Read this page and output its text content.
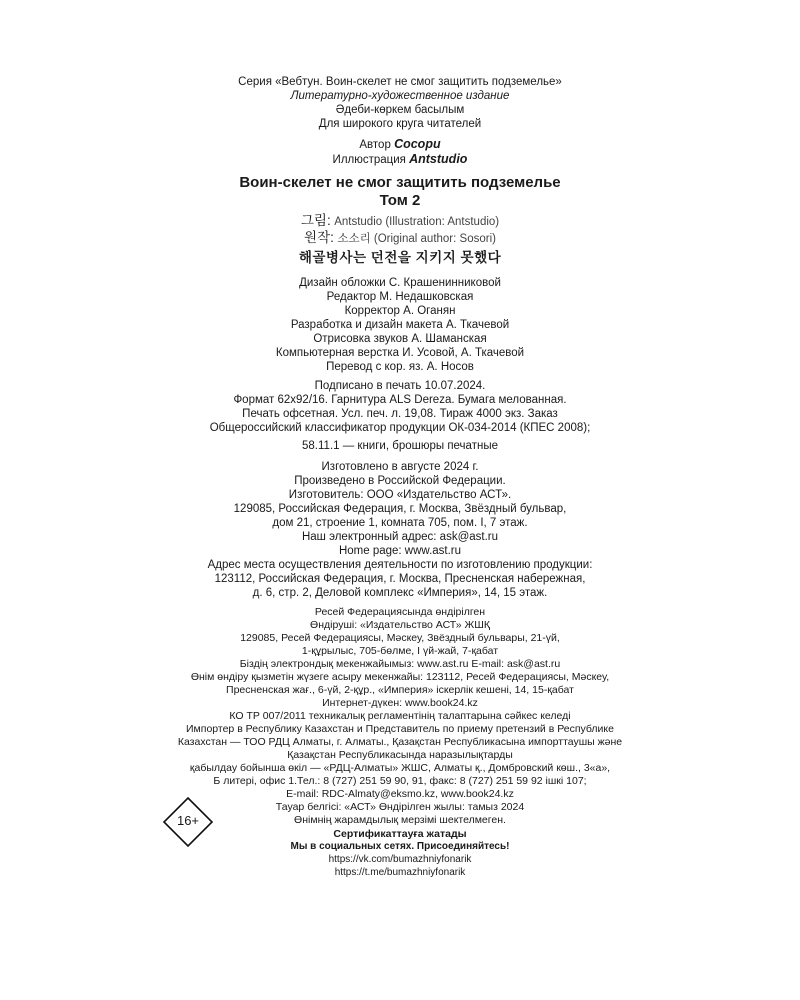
Серия «Вебтун. Воин-скелет не смог защитить подземелье»
Литературно-художественное издание
Әдеби-көркем басылым
Для широкого круга читателей
Автор Сосори
Иллюстрация Antstudio
Воин-скелет не смог защитить подземелье
Том 2
그림: Antstudio (Illustration: Antstudio)
원작: 소소리 (Original author: Sosori)
해골병사는 던전을 지키지 못했다
Дизайн обложки С. Крашенинниковой
Редактор М. Недашковская
Корректор А. Оганян
Разработка и дизайн макета А. Ткачевой
Отрисовка звуков А. Шаманская
Компьютерная верстка И. Усовой, А. Ткачевой
Перевод с кор. яз. А. Носов
Подписано в печать 10.07.2024.
Формат 62х92/16. Гарнитура ALS Dereza. Бумага мелованная.
Печать офсетная. Усл. печ. л. 19,08. Тираж 4000 экз. Заказ
Общероссийский классификатор продукции ОК-034-2014 (КПЕС 2008);
58.11.1 — книги, брошюры печатные
Изготовлено в августе 2024 г.
Произведено в Российской Федерации.
Изготовитель: ООО «Издательство АСТ».
129085, Российская Федерация, г. Москва, Звёздный бульвар,
дом 21, строение 1, комната 705, пом. I, 7 этаж.
Наш электронный адрес: ask@ast.ru
Home page: www.ast.ru
Адрес места осуществления деятельности по изготовлению продукции:
123112, Российская Федерация, г. Москва, Пресненская набережная,
д. 6, стр. 2, Деловой комплекс «Империя», 14, 15 этаж.
Ресей Федерациясында өндірілген
Өндіруші: «Издательство АСТ» ЖШҚ
129085, Ресей Федерациясы, Мәскеу, Звёздный бульвары, 21-үй,
1-құрылыс, 705-бөлме, I үй-жай, 7-қабат
Біздің электрондық мекенжайымыз: www.ast.ru E-mail: ask@ast.ru
Өнім өндіру қызметін жүзеге асыру мекенжайы: 123112, Ресей Федерациясы, Мәскеу,
Пресненская жағ., 6-үй, 2-құр., «Империя» іскерлік кешені, 14, 15-қабат
Интернет-дүкен: www.book24.kz
КО ТР 007/2011 техникалық регламентінің талаптарына сәйкес келеді
Импортер в Республику Казахстан и Представитель по приему претензий в Республике
Казахстан — ТОО РДЦ Алматы, г. Алматы., Қазақстан Республикасына импорттаушы және
Қазақстан Республикасында наразылықтарды
қабылдау бойынша өкіл — «РДЦ-Алматы» ЖШС, Алматы қ., Домбровский көш., 3«а»,
Б литері, офис 1.Тел.: 8 (727) 251 59 90, 91, факс: 8 (727) 251 59 92 ішкі 107;
E-mail: RDC-Almaty@eksmo.kz, www.book24.kz
Тауар белгісі: «АСТ» Өндірілген жылы: тамыз 2024
Өнімнің жарамдылық мерзімі шектелмеген.
Сертификаттауға жатады
16+
Мы в социальных сетях. Присоединяйтесь!
https://vk.com/bumazhniyfonarik
https://t.me/bumazhniyfonarik
